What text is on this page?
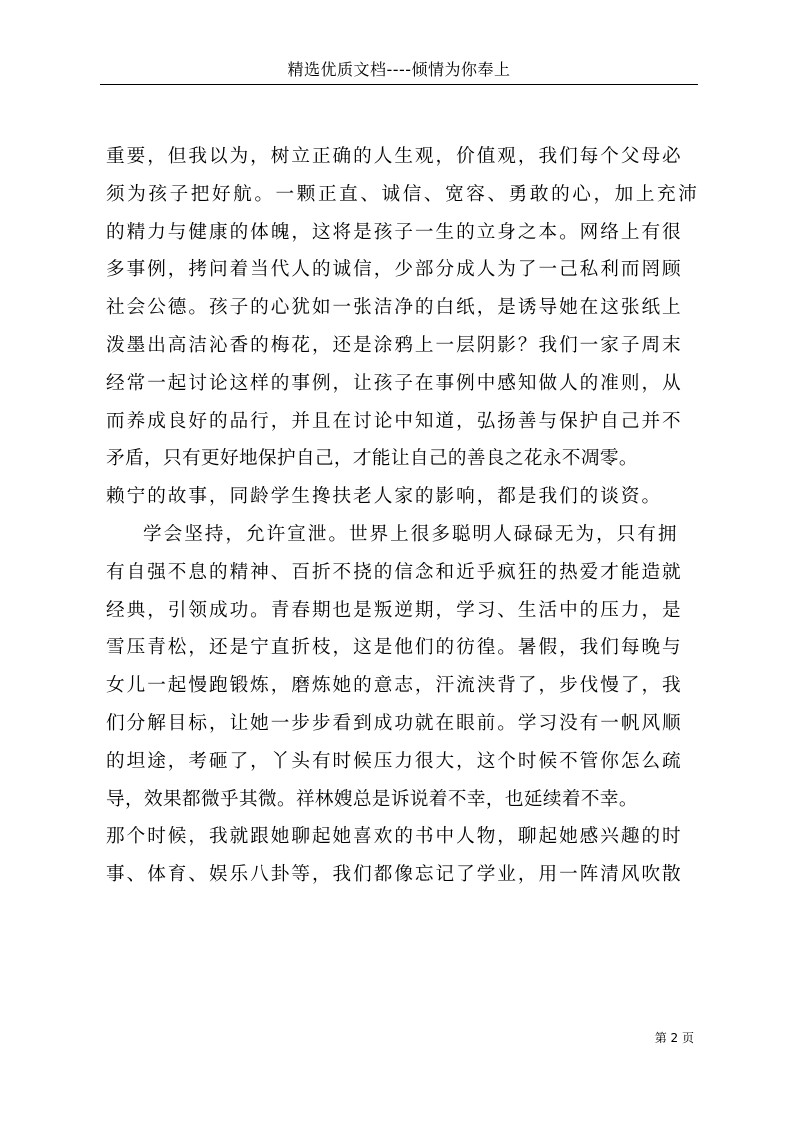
精选优质文档----倾情为你奉上
重要，但我以为，树立正确的人生观，价值观，我们每个父母必
须为孩子把好航。一颗正直、诚信、宽容、勇敢的心，加上充沛
的精力与健康的体魄，这将是孩子一生的立身之本。网络上有很
多事例，拷问着当代人的诚信，少部分成人为了一己私利而罔顾
社会公德。孩子的心犹如一张洁净的白纸，是诱导她在这张纸上
泼墨出高洁沁香的梅花，还是涂鸦上一层阴影？我们一家子周末
经常一起讨论这样的事例，让孩子在事例中感知做人的准则，从
而养成良好的品行，并且在讨论中知道，弘扬善与保护自己并不
矛盾，只有更好地保护自己，才能让自己的善良之花永不凋零。
赖宁的故事，同龄学生搀扶老人家的影响，都是我们的谈资。
学会坚持，允许宣泄。世界上很多聪明人碌碌无为，只有拥
有自强不息的精神、百折不挠的信念和近乎疯狂的热爱才能造就
经典，引领成功。青春期也是叛逆期，学习、生活中的压力，是
雪压青松，还是宁直折枝，这是他们的彷徨。暑假，我们每晚与
女儿一起慢跑锻炼，磨炼她的意志，汗流浃背了，步伐慢了，我
们分解目标，让她一步步看到成功就在眼前。学习没有一帆风顺
的坦途，考砸了，丫头有时候压力很大，这个时候不管你怎么疏
导，效果都微乎其微。祥林嫂总是诉说着不幸，也延续着不幸。
那个时候，我就跟她聊起她喜欢的书中人物，聊起她感兴趣的时
事、体育、娱乐八卦等，我们都像忘记了学业，用一阵清风吹散
第 2 页
